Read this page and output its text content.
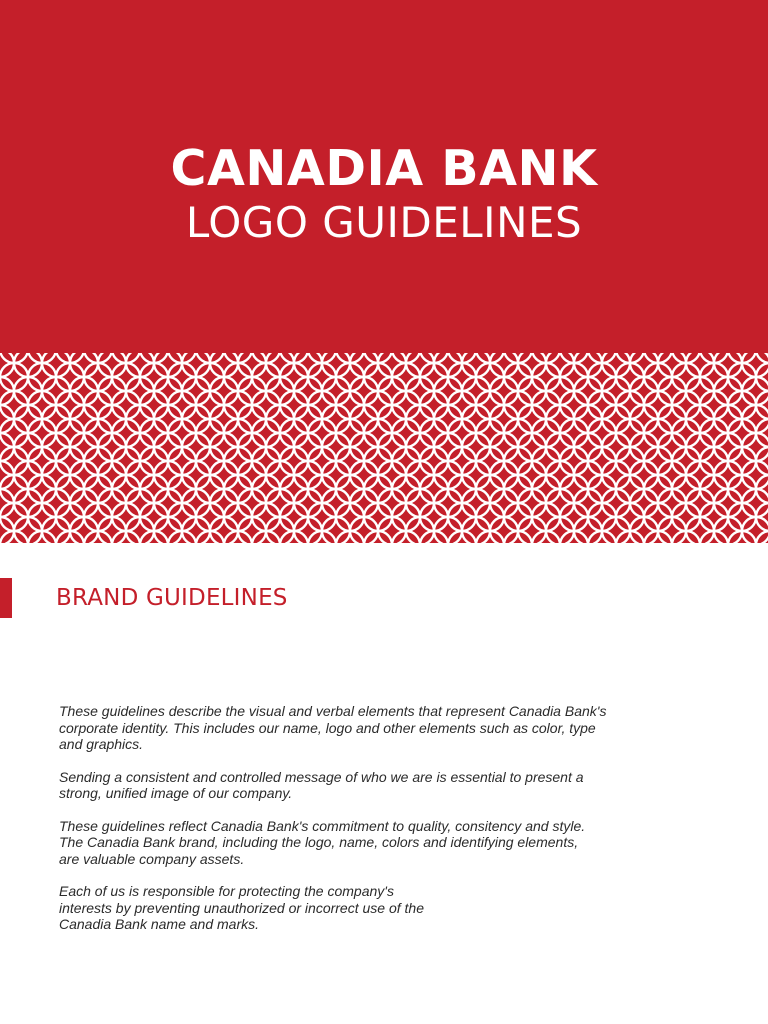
CANADIA BANK
LOGO GUIDELINES
BRAND GUIDELINES

These guidelines describe the visual and verbal elements that represent Canadia Bank's
corporate identity. This includes our name, logo and other elements such as color, type
and graphics.

Sending a consistent and controlled message of who we are is essential to present a
strong, unified image of our company.

These guidelines reflect Canadia Bank's commitment to quality, consitency and style.
The Canadia Bank brand, including the logo, name, colors and identifying elements,
are valuable company assets.

Each of us is responsible for protecting the company's
interests by preventing unauthorized or incorrect use of the
Canadia Bank name and marks.
